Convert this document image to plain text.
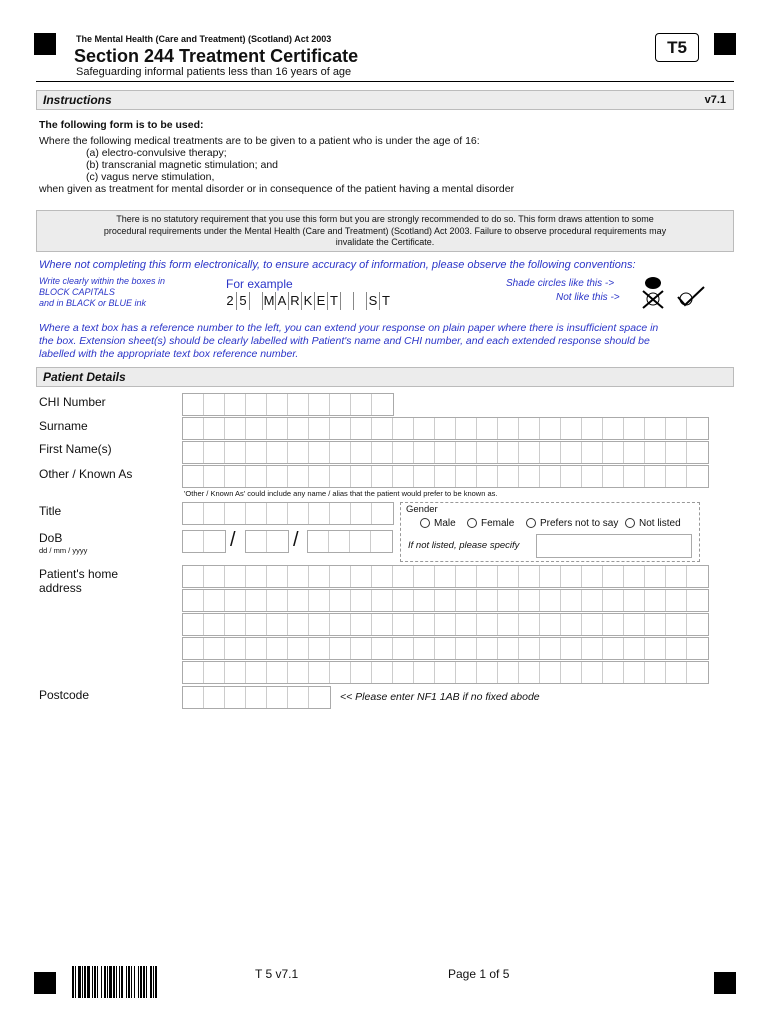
The Mental Health (Care and Treatment) (Scotland) Act 2003
Section 244 Treatment Certificate
Safeguarding informal patients less than 16 years of age
T5
Instructions	v7.1
The following form is to be used:
Where the following medical treatments are to be given to a patient who is under the age of 16:
(a) electro-convulsive therapy;
(b) transcranial magnetic stimulation; and
(c) vagus nerve stimulation,
when given as treatment for mental disorder or in consequence of the patient having a mental disorder
There is no statutory requirement that you use this form but you are strongly recommended to do so. This form draws attention to some
procedural requirements under the Mental Health (Care and Treatment) (Scotland) Act 2003. Failure to observe procedural requirements may
invalidate the Certificate.
Where not completing this form electronically, to ensure accuracy of information, please observe the following conventions:
Write clearly within the boxes in
BLOCK CAPITALS
and in BLACK or BLUE ink
For example
2 5 M A R K E T S T
Shade circles like this ->
Not like this ->
Where a text box has a reference number to the left, you can extend your response on plain paper where there is insufficient space in
the box. Extension sheet(s) should be clearly labelled with Patient's name and CHI number, and each extended response should be
labelled with the appropriate text box reference number.
Patient Details
CHI Number
Surname
First Name(s)
Other / Known As
'Other / Known As' could include any name / alias that the patient would prefer to be known as.
Title
DoB
dd / mm / yyyy	/	/
Gender
Male	Female	Prefers not to say	Not listed
If not listed, please specify
Patient's home address
Postcode	<< Please enter NF1 1AB if no fixed abode
T 5 v7.1	Page 1 of 5
